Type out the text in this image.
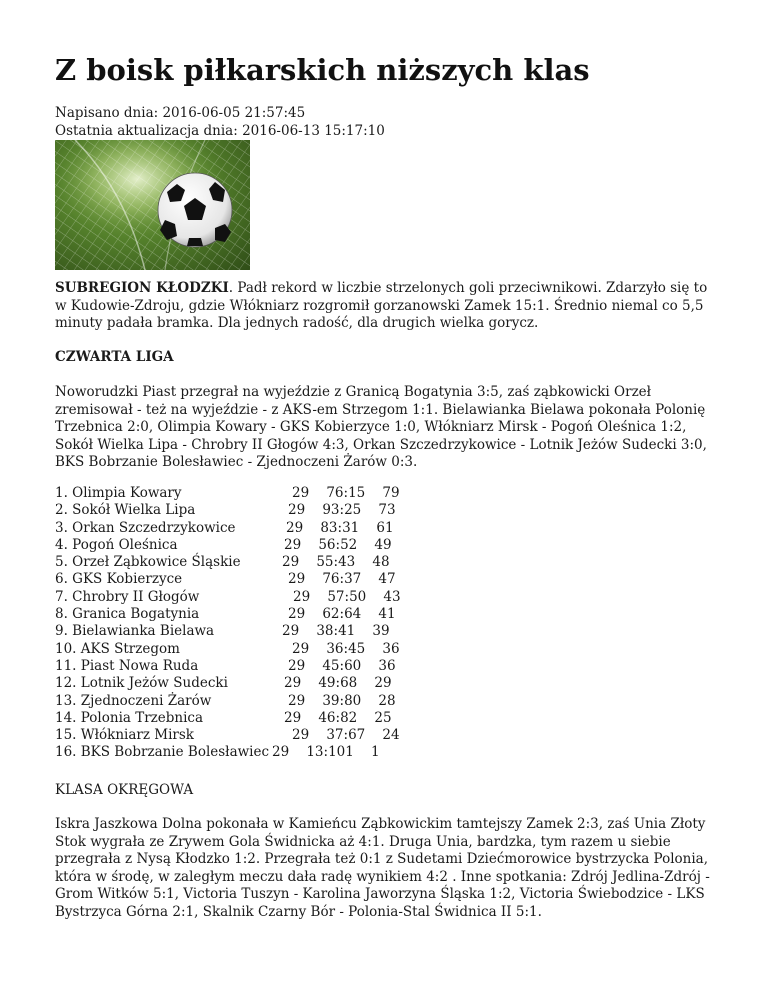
Z boisk piłkarskich niższych klas
Napisano dnia: 2016-06-05 21:57:45
Ostatnia aktualizacja dnia: 2016-06-13 15:17:10
SUBREGION KŁODZKI. Padł rekord w liczbie strzelonych goli przeciwnikowi. Zdarzyło się to w Kudowie-Zdroju, gdzie Włókniarz rozgromił gorzanowski Zamek 15:1. Średnio niemal co 5,5 minuty padała bramka. Dla jednych radość, dla drugich wielka gorycz.
CZWARTA LIGA
Noworudzki Piast przegrał na wyjeździe z Granicą Bogatynia 3:5, zaś ząbkowicki Orzeł zremisował - też na wyjeździe - z AKS-em Strzegom 1:1. Bielawianka Bielawa pokonała Polonię Trzebnica 2:0, Olimpia Kowary - GKS Kobierzyce 1:0, Włókniarz Mirsk - Pogoń Oleśnica 1:2, Sokół Wielka Lipa - Chrobry II Głogów 4:3, Orkan Szczedrzykowice - Lotnik Jeżów Sudecki 3:0, BKS Bobrzanie Bolesławiec - Zjednoczeni Żarów 0:3.
1. Olimpia Kowary	29    76:15    79
2. Sokół Wielka Lipa	29    93:25    73
3. Orkan Szczedrzykowice	29    83:31    61
4. Pogoń Oleśnica	29    56:52    49
5. Orzeł Ząbkowice Śląskie	29    55:43    48
6. GKS Kobierzyce	29    76:37    47
7. Chrobry II Głogów	29    57:50    43
8. Granica Bogatynia	29    62:64    41
9. Bielawianka Bielawa	29    38:41    39
10. AKS Strzegom	29    36:45    36
11. Piast Nowa Ruda	29    45:60    36
12. Lotnik Jeżów Sudecki	29    49:68    29
13. Zjednoczeni Żarów	29    39:80    28
14. Polonia Trzebnica	29    46:82    25
15. Włókniarz Mirsk	29    37:67    24
16. BKS Bobrzanie Bolesławiec 29    13:101    1
KLASA OKRĘGOWA
Iskra Jaszkowa Dolna pokonała w Kamieńcu Ząbkowickim tamtejszy Zamek 2:3, zaś Unia Złoty Stok wygrała ze Zrywem Gola Świdnicka aż 4:1. Druga Unia, bardzka, tym razem u siebie przegrała z Nysą Kłodzko 1:2. Przegrała też 0:1 z Sudetami Dziećmorowice bystrzycka Polonia, która w środę, w zaległym meczu dała radę wynikiem 4:2 . Inne spotkania: Zdrój Jedlina-Zdrój - Grom Witków 5:1, Victoria Tuszyn - Karolina Jaworzyna Śląska 1:2, Victoria Świebodzice - LKS Bystrzyca Górna 2:1, Skalnik Czarny Bór - Polonia-Stal Świdnica II 5:1.
